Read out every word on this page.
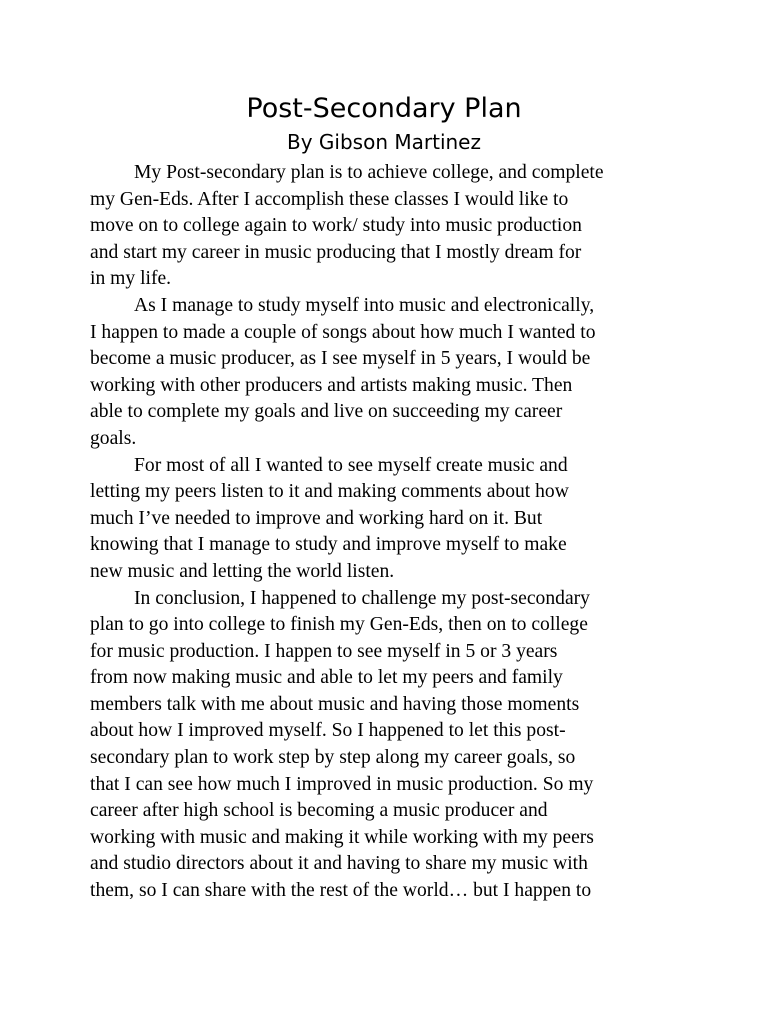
Post-Secondary Plan
By Gibson Martinez
My Post-secondary plan is to achieve college, and complete
my Gen-Eds. After I accomplish these classes I would like to
move on to college again to work/ study into music production
and start my career in music producing that I mostly dream for
in my life.
As I manage to study myself into music and electronically,
I happen to made a couple of songs about how much I wanted to
become a music producer, as I see myself in 5 years, I would be
working with other producers and artists making music. Then
able to complete my goals and live on succeeding my career
goals.
For most of all I wanted to see myself create music and
letting my peers listen to it and making comments about how
much I’ve needed to improve and working hard on it. But
knowing that I manage to study and improve myself to make
new music and letting the world listen.
In conclusion, I happened to challenge my post-secondary
plan to go into college to finish my Gen-Eds, then on to college
for music production. I happen to see myself in 5 or 3 years
from now making music and able to let my peers and family
members talk with me about music and having those moments
about how I improved myself. So I happened to let this post-
secondary plan to work step by step along my career goals, so
that I can see how much I improved in music production. So my
career after high school is becoming a music producer and
working with music and making it while working with my peers
and studio directors about it and having to share my music with
them, so I can share with the rest of the world… but I happen to
